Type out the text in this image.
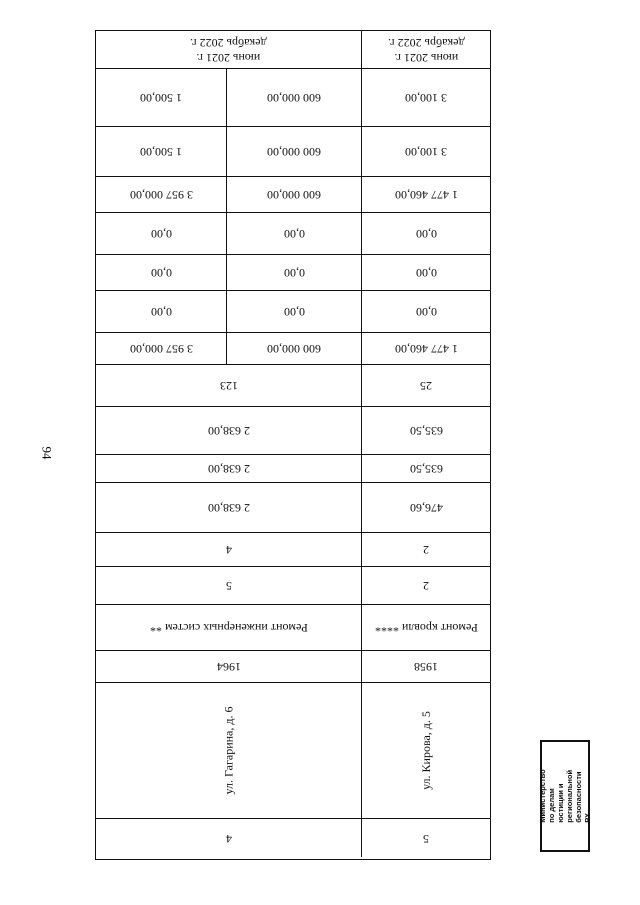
94
июнь 2021 г.
декабрь 2022 г.
июнь 2021 г.
декабрь 2022 г.
1 500,00	600 000,00	3 100,00
1 500,00	600 000,00	3 100,00
3 957 000,00	600 000,00	1 477 460,00
0,00	0,00	0,00
0,00	0,00	0,00
0,00	0,00	0,00
3 957 000,00	600 000,00	1 477 460,00
123	25
2 638,00	635,50
2 638,00	635,50
2 638,00	476,60
4	2
5	2
Ремонт инженерных систем **	Ремонт кровли ****
1964	1958
ул. Гагарина, д. 6	ул. Кирова, д. 5
4	5
Министерство по делам юстиции и региональной безопасности РХ
